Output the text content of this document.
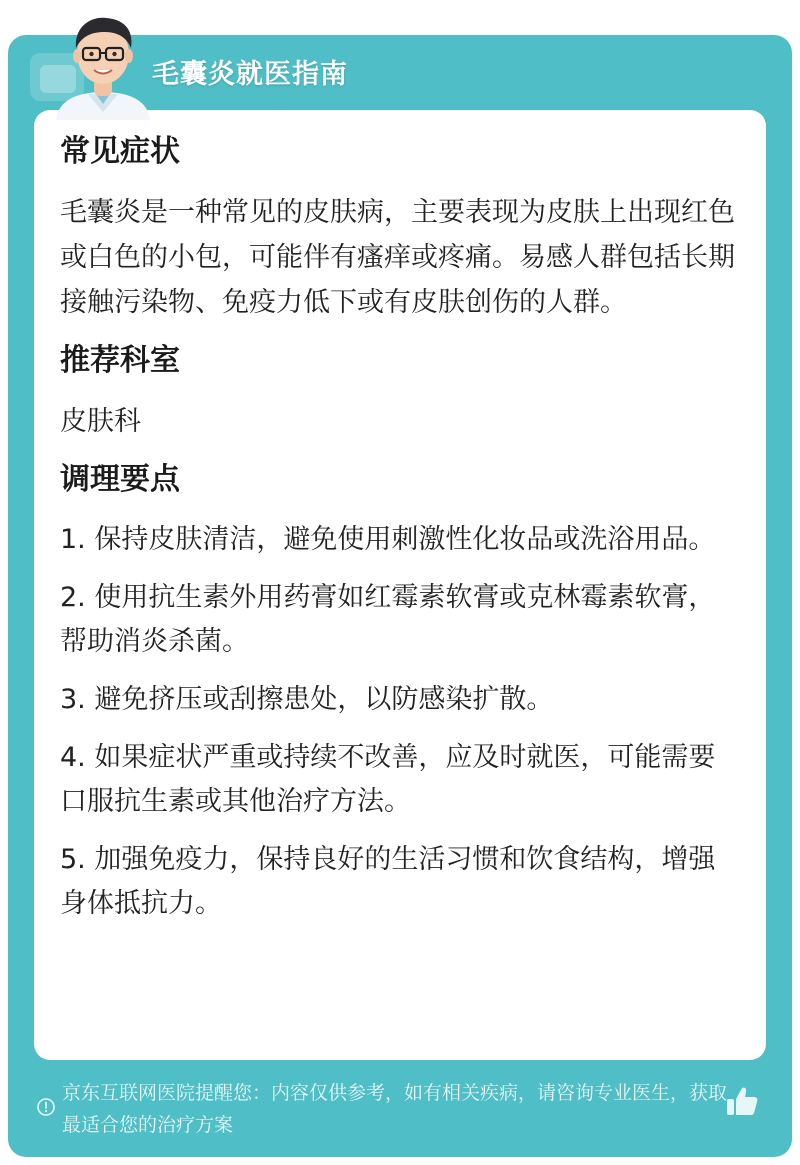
毛囊炎就医指南
常见症状
毛囊炎是一种常见的皮肤病，主要表现为皮肤上出现红色或白色的小包，可能伴有瘙痒或疼痛。易感人群包括长期接触污染物、免疫力低下或有皮肤创伤的人群。
推荐科室
皮肤科
调理要点
1. 保持皮肤清洁，避免使用刺激性化妆品或洗浴用品。
2. 使用抗生素外用药膏如红霉素软膏或克林霉素软膏，帮助消炎杀菌。
3. 避免挤压或刮擦患处，以防感染扩散。
4. 如果症状严重或持续不改善，应及时就医，可能需要口服抗生素或其他治疗方法。
5. 加强免疫力，保持良好的生活习惯和饮食结构，增强身体抵抗力。
京东互联网医院提醒您：内容仅供参考，如有相关疾病，请咨询专业医生，获取最适合您的治疗方案
